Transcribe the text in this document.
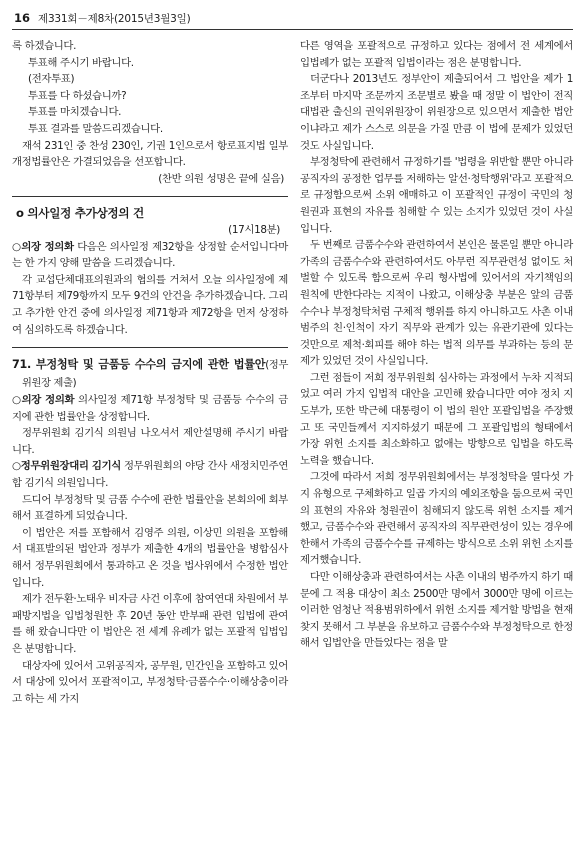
16 제331회－제8차(2015년3월3일)

록 하겠습니다.

투표해 주시기 바랍니다.

(전자투표)

투표를 다 하셨습니까?

투표를 마치겠습니다.

투표 결과를 말씀드리겠습니다.

재석 231인 중 찬성 230인, 기권 1인으로서 항로표지법 일부개정법률안은 가결되었음을 선포합니다.

(찬반 의원 성명은 끝에 실음)

o 의사일정 추가상정의 건

(17시18분)

○의장 정의화 다음은 의사일정 제32항을 상정할 순서입니다마는 한 가지 양해 말씀을 드리겠습니다.

각 교섭단체대표의원과의 협의를 거쳐서 오늘 의사일정에 제71항부터 제79항까지 모두 9건의 안건을 추가하겠습니다. 그리고 추가한 안건 중에 의사일정 제71항과 제72항을 먼저 상정하여 심의하도록 하겠습니다.

71. 부정청탁 및 금품등 수수의 금지에 관한 법률안(정무위원장 제출)

○의장 정의화 의사일정 제71항 부정청탁 및 금품등 수수의 금지에 관한 법률안을 상정합니다.

정무위원회 김기식 의원님 나오셔서 제안설명해 주시기 바랍니다.

○정무위원장대리 김기식 정무위원회의 야당 간사 새정치민주연합 김기식 의원입니다.

드디어 부정청탁 및 금품 수수에 관한 법률안을 본회의에 회부해서 표결하게 되었습니다.

이 법안은 저를 포함해서 김영주 의원, 이상민 의원을 포함해서 대표발의된 법안과 정부가 제출한 4개의 법률안을 병합심사해서 정무위원회에서 통과하고 온 것을 법사위에서 수정한 법안입니다.

제가 전두환·노태우 비자금 사건 이후에 참여연대 차원에서 부패방지법을 입법청원한 후 20년 동안 반부패 관련 입법에 관여를 해 왔습니다만 이 법안은 전 세계 유례가 없는 포괄적 입법입은 분명합니다.

대상자에 있어서 고위공직자, 공무원, 민간인을 포함하고 있어서 대상에 있어서 포괄적이고, 부정청탁·금품수수·이해상충이라고 하는 세 가지

다른 영역을 포괄적으로 규정하고 있다는 점에서 전 세계에서 입법례가 없는 포괄적 입법이라는 점은 분명합니다.

더군다나 2013년도 정부안이 제출되어서 그 법안을 제가 1조부터 마지막 조문까지 조문별로 봤을 때 정말 이 법안이 전직 대법관 출신의 권익위원장이 위원장으로 있으면서 제출한 법안이냐라고 제가 스스로 의문을 가질 만큼 이 법에 문제가 있었던 것도 사실입니다.

부정청탁에 관련해서 규정하기를 '법령을 위반할 뿐만 아니라 공직자의 공정한 업무를 저해하는 알선·청탁행위'라고 포괄적으로 규정함으로써 소위 애매하고 이 포괄적인 규정이 국민의 청원권과 표현의 자유를 침해할 수 있는 소지가 있었던 것이 사실입니다.

두 번째로 금품수수와 관련하여서 본인은 물론일 뿐만 아니라 가족의 금품수수와 관련하여서도 아무런 직무관련성 없이도 처벌할 수 있도록 함으로써 우리 형사법에 있어서의 자기책임의 원칙에 반한다라는 지적이 나왔고, 이해상충 부분은 앞의 금품수수나 부정청탁처럼 구체적 행위를 하지 아니하고도 사촌 이내 범주의 친·인척이 자기 직무와 관계가 있는 유관기관에 있다는 것만으로 제척·회피를 해야 하는 법적 의무를 부과하는 등의 문제가 있었던 것이 사실입니다.

그런 점들이 저희 정무위원회 심사하는 과정에서 누차 지적되었고 여러 가지 입법적 대안을 고민해 왔습니다만 여야 정치 지도부가, 또한 박근혜 대통령이 이 법의 원안 포괄입법을 주장했고 또 국민들께서 지지하셨기 때문에 그 포괄입법의 형태에서 가장 위헌 소지를 최소화하고 없애는 방향으로 입법을 하도록 노력을 했습니다.

그것에 따라서 저희 정무위원회에서는 부정청탁을 열다섯 가지 유형으로 구체화하고 일곱 가지의 예외조항을 둠으로써 국민의 표현의 자유와 청원권이 침해되지 않도록 위헌 소지를 제거했고, 금품수수와 관련해서 공직자의 직무관련성이 있는 경우에 한해서 가족의 금품수수를 규제하는 방식으로 소위 위헌 소지를 제거했습니다.

다만 이해상충과 관련하여서는 사촌 이내의 범주까지 하기 때문에 그 적용 대상이 최소 2500만 명에서 3000만 명에 이르는 이러한 엄청난 적용범위하에서 위헌 소지를 제거할 방법을 현재 찾지 못해서 그 부분을 유보하고 금품수수와 부정청탁으로 한정해서 입법안을 만들었다는 점을 말
